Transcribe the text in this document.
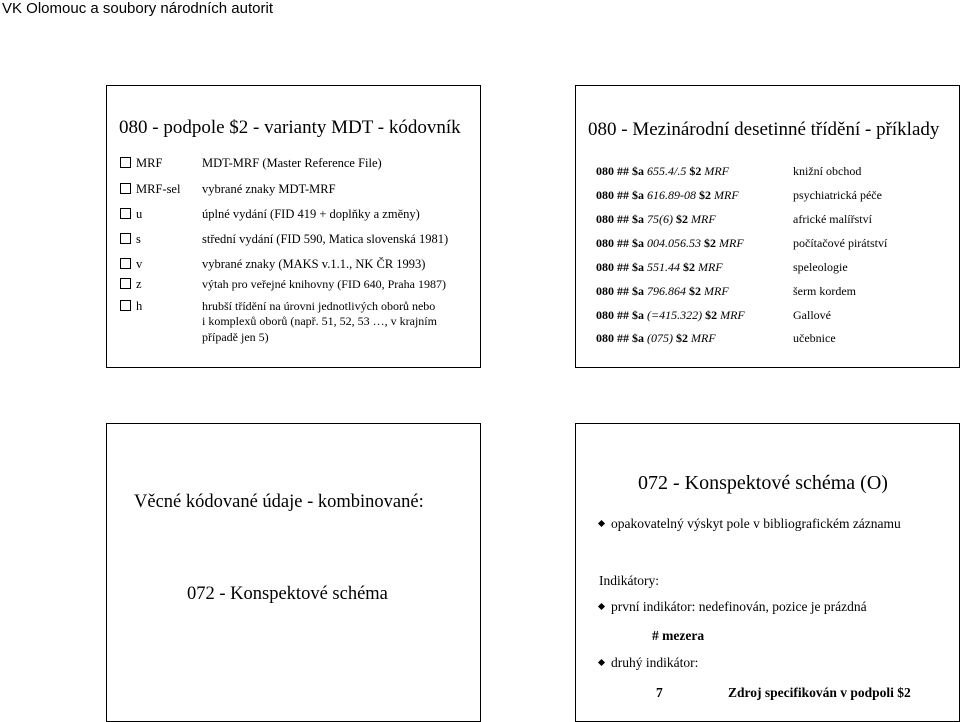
VK Olomouc a soubory národních autorit
080 - podpole $2 - varianty MDT - kódovník
MRF	MDT-MRF (Master Reference File)
MRF-sel vybrané znaky MDT-MRF
u	úplné vydání (FID 419 + doplňky a změny)
s	střední vydání (FID 590, Matica slovenská 1981)
v	vybrané znaky (MAKS v.1.1., NK ČR 1993)
z	výtah pro veřejné knihovny (FID 640, Praha 1987)
h	hrubší třídění na úrovni jednotlivých oborů nebo
i komplexů oborů (např. 51, 52, 53 …, v krajním
případě jen 5)
080 - Mezinárodní desetinné třídění - příklady
080 ## $a 655.4/.5 $2 MRF	knižní obchod
080 ## $a 616.89-08 $2 MRF	psychiatrická péče
080 ## $a 75(6) $2 MRF	africké malířství
080 ## $a 004.056.53 $2 MRF	počítačové pirátství
080 ## $a 551.44 $2 MRF	speleologie
080 ## $a 796.864 $2 MRF	šerm kordem
080 ## $a (=415.322) $2 MRF	Gallové
080 ## $a (075) $2 MRF	učebnice
Věcné kódované údaje - kombinované:
072 - Konspektové schéma
072 - Konspektové schéma (O)
opakovatelný výskyt pole v bibliografickém záznamu
Indikátory:
první indikátor: nedefinován, pozice je prázdná
# mezera
druhý indikátor:
7	Zdroj specifikován v podpoli $2
